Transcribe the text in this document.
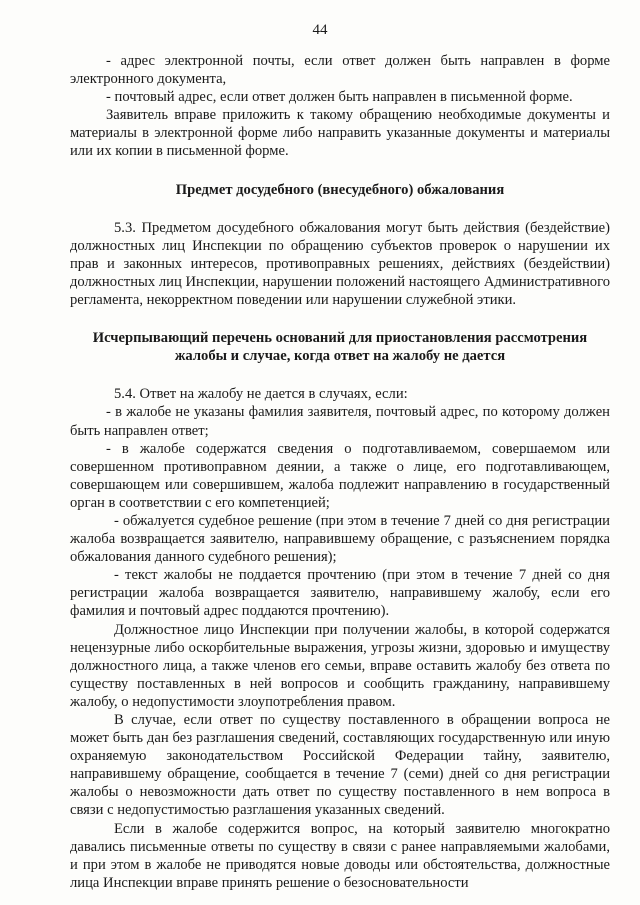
44

- адрес электронной почты, если ответ должен быть направлен в форме электронного документа,

- почтовый адрес, если ответ должен быть направлен в письменной форме.

Заявитель вправе приложить к такому обращению необходимые документы и материалы в электронной форме либо направить указанные документы и материалы или их копии в письменной форме.

Предмет досудебного (внесудебного) обжалования

5.3. Предметом досудебного обжалования могут быть действия (бездействие) должностных лиц Инспекции по обращению субъектов проверок о нарушении их прав и законных интересов, противоправных решениях, действиях (бездействии) должностных лиц Инспекции, нарушении положений настоящего Административного регламента, некорректном поведении или нарушении служебной этики.

Исчерпывающий перечень оснований для приостановления рассмотрения жалобы и случае, когда ответ на жалобу не дается

5.4. Ответ на жалобу не дается в случаях, если:

- в жалобе не указаны фамилия заявителя, почтовый адрес, по которому должен быть направлен ответ;

- в жалобе содержатся сведения о подготавливаемом, совершаемом или совершенном противоправном деянии, а также о лице, его подготавливающем, совершающем или совершившем, жалоба подлежит направлению в государственный орган в соответствии с его компетенцией;

- обжалуется судебное решение (при этом в течение 7 дней со дня регистрации жалоба возвращается заявителю, направившему обращение, с разъяснением порядка обжалования данного судебного решения);

- текст жалобы не поддается прочтению (при этом в течение 7 дней со дня регистрации жалоба возвращается заявителю, направившему жалобу, если его фамилия и почтовый адрес поддаются прочтению).

Должностное лицо Инспекции при получении жалобы, в которой содержатся нецензурные либо оскорбительные выражения, угрозы жизни, здоровью и имуществу должностного лица, а также членов его семьи, вправе оставить жалобу без ответа по существу поставленных в ней вопросов и сообщить гражданину, направившему жалобу, о недопустимости злоупотребления правом.

В случае, если ответ по существу поставленного в обращении вопроса не может быть дан без разглашения сведений, составляющих государственную или иную охраняемую законодательством Российской Федерации тайну, заявителю, направившему обращение, сообщается в течение 7 (семи) дней со дня регистрации жалобы о невозможности дать ответ по существу поставленного в нем вопроса в связи с недопустимостью разглашения указанных сведений.

Если в жалобе содержится вопрос, на который заявителю многократно давались письменные ответы по существу в связи с ранее направляемыми жалобами, и при этом в жалобе не приводятся новые доводы или обстоятельства, должностные лица Инспекции вправе принять решение о безосновательности
